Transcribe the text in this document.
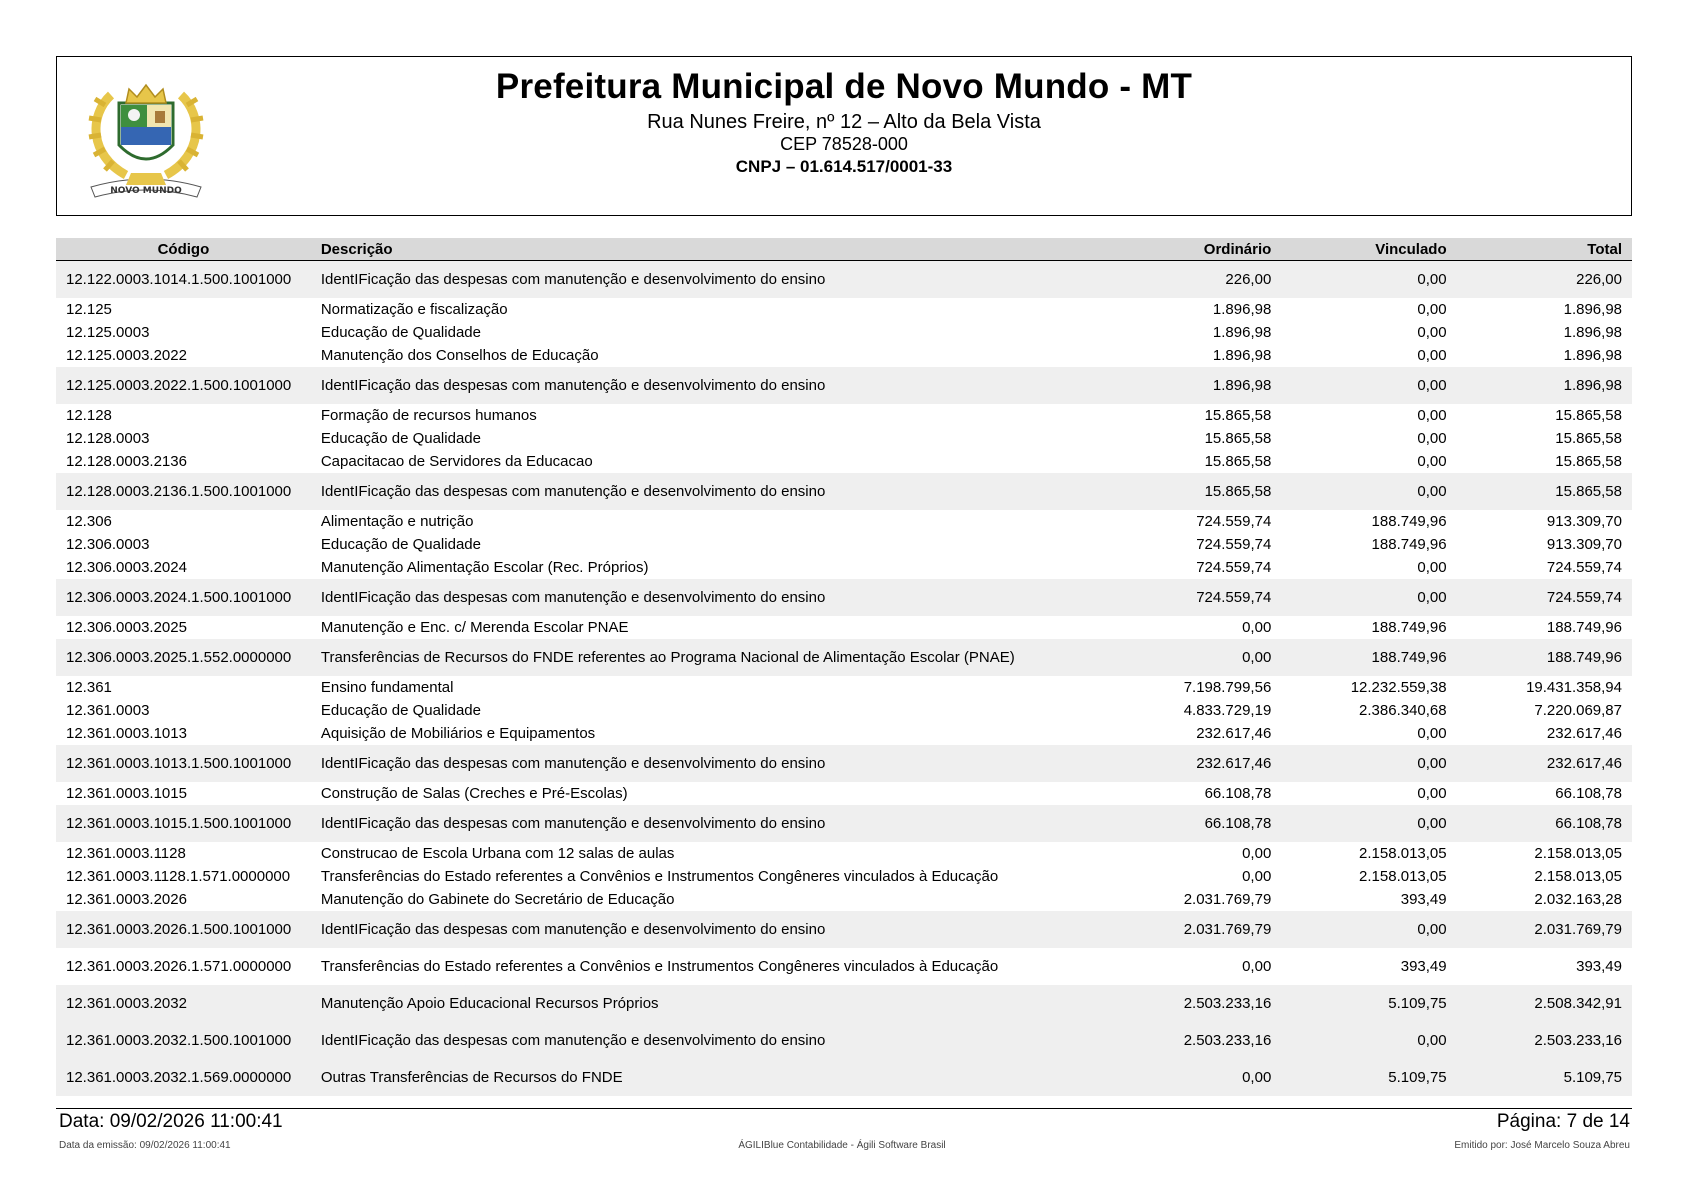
NOVO MUNDO
Prefeitura Municipal de Novo Mundo - MT
Rua Nunes Freire, nº 12 – Alto da Bela Vista
CEP 78528-000
CNPJ – 01.614.517/0001-33
Código	Descrição	Ordinário	Vinculado	Total
12.122.0003.1014.1.500.1001000	IdentIFicação das despesas com manutenção e desenvolvimento do ensino	226,00	0,00	226,00
12.125	Normatização e fiscalização	1.896,98	0,00	1.896,98
12.125.0003	Educação de Qualidade	1.896,98	0,00	1.896,98
12.125.0003.2022	Manutenção dos Conselhos de Educação	1.896,98	0,00	1.896,98
12.125.0003.2022.1.500.1001000	IdentIFicação das despesas com manutenção e desenvolvimento do ensino	1.896,98	0,00	1.896,98
12.128	Formação de recursos humanos	15.865,58	0,00	15.865,58
12.128.0003	Educação de Qualidade	15.865,58	0,00	15.865,58
12.128.0003.2136	Capacitacao de Servidores da Educacao	15.865,58	0,00	15.865,58
12.128.0003.2136.1.500.1001000	IdentIFicação das despesas com manutenção e desenvolvimento do ensino	15.865,58	0,00	15.865,58
12.306	Alimentação e nutrição	724.559,74	188.749,96	913.309,70
12.306.0003	Educação de Qualidade	724.559,74	188.749,96	913.309,70
12.306.0003.2024	Manutenção Alimentação Escolar (Rec. Próprios)	724.559,74	0,00	724.559,74
12.306.0003.2024.1.500.1001000	IdentIFicação das despesas com manutenção e desenvolvimento do ensino	724.559,74	0,00	724.559,74
12.306.0003.2025	Manutenção e Enc. c/ Merenda Escolar PNAE	0,00	188.749,96	188.749,96
12.306.0003.2025.1.552.0000000	Transferências de Recursos do FNDE referentes ao Programa Nacional de Alimentação Escolar (PNAE)	0,00	188.749,96	188.749,96
12.361	Ensino fundamental	7.198.799,56	12.232.559,38	19.431.358,94
12.361.0003	Educação de Qualidade	4.833.729,19	2.386.340,68	7.220.069,87
12.361.0003.1013	Aquisição de Mobiliários e Equipamentos	232.617,46	0,00	232.617,46
12.361.0003.1013.1.500.1001000	IdentIFicação das despesas com manutenção e desenvolvimento do ensino	232.617,46	0,00	232.617,46
12.361.0003.1015	Construção de Salas (Creches e Pré-Escolas)	66.108,78	0,00	66.108,78
12.361.0003.1015.1.500.1001000	IdentIFicação das despesas com manutenção e desenvolvimento do ensino	66.108,78	0,00	66.108,78
12.361.0003.1128	Construcao de Escola Urbana com 12 salas de aulas	0,00	2.158.013,05	2.158.013,05
12.361.0003.1128.1.571.0000000	Transferências do Estado referentes a Convênios e Instrumentos Congêneres vinculados à Educação	0,00	2.158.013,05	2.158.013,05
12.361.0003.2026	Manutenção do Gabinete do Secretário de Educação	2.031.769,79	393,49	2.032.163,28
12.361.0003.2026.1.500.1001000	IdentIFicação das despesas com manutenção e desenvolvimento do ensino	2.031.769,79	0,00	2.031.769,79
12.361.0003.2026.1.571.0000000	Transferências do Estado referentes a Convênios e Instrumentos Congêneres vinculados à Educação	0,00	393,49	393,49
12.361.0003.2032	Manutenção Apoio Educacional Recursos Próprios	2.503.233,16	5.109,75	2.508.342,91
12.361.0003.2032.1.500.1001000	IdentIFicação das despesas com manutenção e desenvolvimento do ensino	2.503.233,16	0,00	2.503.233,16
12.361.0003.2032.1.569.0000000	Outras Transferências de Recursos do FNDE	0,00	5.109,75	5.109,75
Data: 09/02/2026 11:00:41	Página: 7 de 14
Data da emissão: 09/02/2026 11:00:41	ÁGILIBlue Contabilidade - Ágili Software Brasil	Emitido por: José Marcelo Souza Abreu
